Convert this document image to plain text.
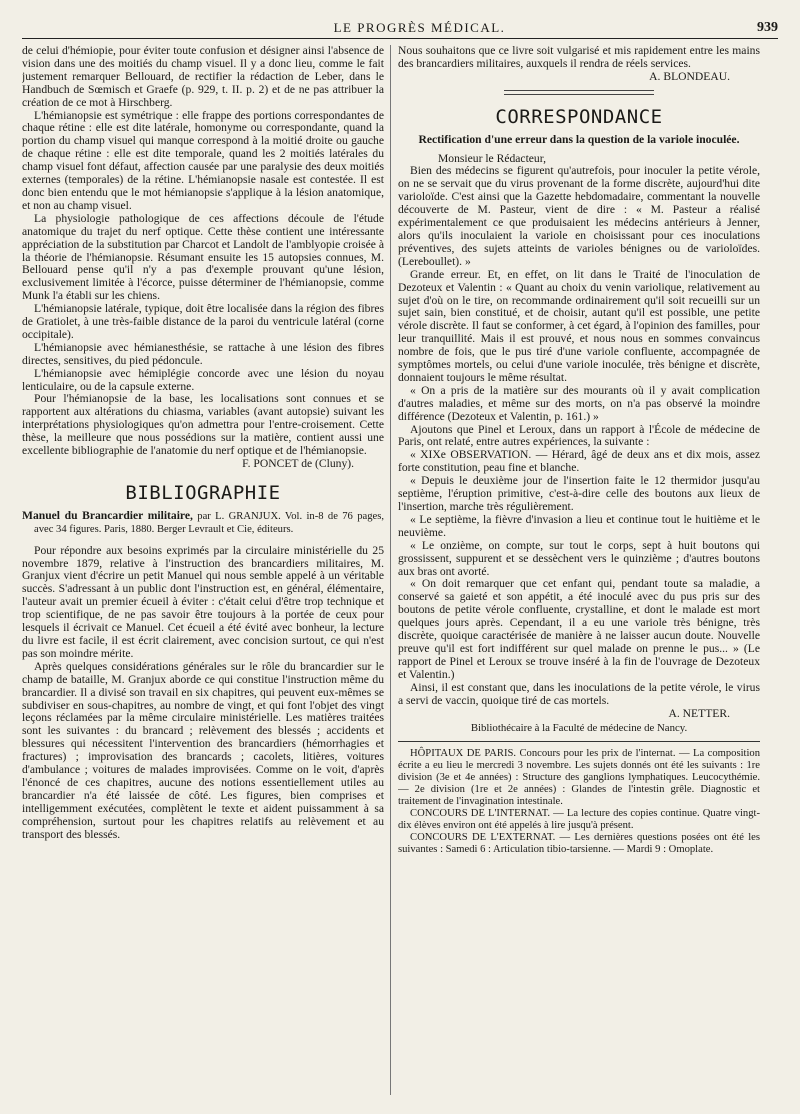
LE PROGRÈS MÉDICAL.	939

de celui d'hémiopie, pour éviter toute confusion et désigner ainsi l'absence de vision dans une des moitiés du champ visuel. Il y a donc lieu, comme le fait justement remarquer Bellouard, de rectifier la rédaction de Leber, dans le Handbuch de Sœmisch et Graefe (p. 929, t. II. p. 2) et de ne pas attribuer la création de ce mot à Hirschberg.

L'hémianopsie est symétrique : elle frappe des portions correspondantes de chaque rétine : elle est dite latérale, homonyme ou correspondante, quand la portion du champ visuel qui manque correspond à la moitié droite ou gauche de chaque rétine : elle est dite temporale, quand les 2 moitiés latérales du champ visuel font défaut, affection causée par une paralysie des deux moitiés externes (temporales) de la rétine. L'hémianopsie nasale est contestée. Il est donc bien entendu que le mot hémianopsie s'applique à la lésion anatomique, et non au champ visuel.

La physiologie pathologique de ces affections découle de l'étude anatomique du trajet du nerf optique. Cette thèse contient une intéressante appréciation de la substitution par Charcot et Landolt de l'amblyopie croisée à la théorie de l'hémianopsie. Résumant ensuite les 15 autopsies connues, M. Bellouard pense qu'il n'y a pas d'exemple prouvant qu'une lésion, exclusivement limitée à l'écorce, puisse déterminer de l'hémianopsie, comme Munk l'a établi sur les chiens.

L'hémianopsie latérale, typique, doit être localisée dans la région des fibres de Gratiolet, à une très-faible distance de la paroi du ventricule latéral (corne occipitale).

L'hémianopsie avec hémianesthésie, se rattache à une lésion des fibres directes, sensitives, du pied pédoncule.

L'hémianopsie avec hémiplégie concorde avec une lésion du noyau lenticulaire, ou de la capsule externe.

Pour l'hémianopsie de la base, les localisations sont connues et se rapportent aux altérations du chiasma, variables (avant autopsie) suivant les interprétations physiologiques qu'on admettra pour l'entre-croisement. Cette thèse, la meilleure que nous possédions sur la matière, contient aussi une excellente bibliographie de l'anatomie du nerf optique et de l'hémianopsie.

F. PONCET de (Cluny).

BIBLIOGRAPHIE

Manuel du Brancardier militaire, par L. GRANJUX. Vol. in-8 de 76 pages, avec 34 figures. Paris, 1880. Berger Levrault et Cie, éditeurs.

Pour répondre aux besoins exprimés par la circulaire ministérielle du 25 novembre 1879, relative à l'instruction des brancardiers militaires, M. Granjux vient d'écrire un petit Manuel qui nous semble appelé à un véritable succès. S'adressant à un public dont l'instruction est, en général, élémentaire, l'auteur avait un premier écueil à éviter : c'était celui d'être trop technique et trop scientifique, de ne pas savoir être toujours à la portée de ceux pour lesquels il écrivait ce Manuel. Cet écueil a été évité avec bonheur, la lecture du livre est facile, il est écrit clairement, avec concision surtout, ce qui n'est pas son moindre mérite.

Après quelques considérations générales sur le rôle du brancardier sur le champ de bataille, M. Granjux aborde ce qui constitue l'instruction même du brancardier. Il a divisé son travail en six chapitres, qui peuvent eux-mêmes se subdiviser en sous-chapitres, au nombre de vingt, et qui font l'objet des vingt leçons réclamées par la même circulaire ministérielle. Les matières traitées sont les suivantes : du brancard ; relèvement des blessés ; accidents et blessures qui nécessitent l'intervention des brancardiers (hémorrhagies et fractures) ; improvisation des brancards ; cacolets, litières, voitures d'ambulance ; voitures de malades improvisées. Comme on le voit, d'après l'énoncé de ces chapitres, aucune des notions essentiellement utiles au brancardier n'a été laissée de côté. Les figures, bien comprises et intelligemment exécutées, complètent le texte et aident puissamment à sa compréhension, surtout pour les chapitres relatifs au relèvement et au transport des blessés.

Nous souhaitons que ce livre soit vulgarisé et mis rapidement entre les mains des brancardiers militaires, auxquels il rendra de réels services.

A. BLONDEAU.

CORRESPONDANCE
Rectification d'une erreur dans la question de la variole inoculée.

Monsieur le Rédacteur,

Bien des médecins se figurent qu'autrefois, pour inoculer la petite vérole, on ne se servait que du virus provenant de la forme discrète, aujourd'hui dite varioloïde. C'est ainsi que la Gazette hebdomadaire, commentant la nouvelle découverte de M. Pasteur, vient de dire : « M. Pasteur a réalisé expérimentalement ce que produisaient les médecins antérieurs à Jenner, alors qu'ils inoculaient la variole en choisissant pour ces inoculations préventives, des sujets atteints de varioles bénignes ou de varioloïdes. (Lereboullet). »

Grande erreur. Et, en effet, on lit dans le Traité de l'inoculation de Dezoteux et Valentin : « Quant au choix du venin variolique, relativement au sujet d'où on le tire, on recommande ordinairement qu'il soit recueilli sur un sujet sain, bien constitué, et de choisir, autant qu'il est possible, une petite vérole discrète. Il faut se conformer, à cet égard, à l'opinion des familles, pour leur tranquillité. Mais il est prouvé, et nous nous en sommes convaincus nombre de fois, que le pus tiré d'une variole confluente, accompagnée de symptômes mortels, ou celui d'une variole inoculée, très bénigne et discrète, donnaient toujours le même résultat.

« On a pris de la matière sur des mourants où il y avait complication d'autres maladies, et même sur des morts, on n'a pas observé la moindre différence (Dezoteux et Valentin, p. 161.) »

Ajoutons que Pinel et Leroux, dans un rapport à l'École de médecine de Paris, ont relaté, entre autres expériences, la suivante :

« XIXe OBSERVATION. — Hérard, âgé de deux ans et dix mois, assez forte constitution, peau fine et blanche.

« Depuis le deuxième jour de l'insertion faite le 12 thermidor jusqu'au septième, l'éruption primitive, c'est-à-dire celle des boutons aux lieux de l'insertion, marche très régulièrement.

« Le septième, la fièvre d'invasion a lieu et continue tout le huitième et le neuvième.

« Le onzième, on compte, sur tout le corps, sept à huit boutons qui grossissent, suppurent et se dessèchent vers le quinzième ; d'autres boutons aux bras ont avorté.

« On doit remarquer que cet enfant qui, pendant toute sa maladie, a conservé sa gaieté et son appétit, a été inoculé avec du pus pris sur des boutons de petite vérole confluente, crystalline, et dont le malade est mort quelques jours après. Cependant, il a eu une variole très bénigne, très discrète, quoique caractérisée de manière à ne laisser aucun doute. Nouvelle preuve qu'il est fort indifférent sur quel malade on prenne le pus... » (Le rapport de Pinel et Leroux se trouve inséré à la fin de l'ouvrage de Dezoteux et Valentin.)

Ainsi, il est constant que, dans les inoculations de la petite vérole, le virus a servi de vaccin, quoique tiré de cas mortels.

A. NETTER.

Bibliothécaire à la Faculté de médecine de Nancy.

HÔPITAUX DE PARIS. Concours pour les prix de l'internat. — La composition écrite a eu lieu le mercredi 3 novembre. Les sujets donnés ont été les suivants : 1re division (3e et 4e années) : Structure des ganglions lymphatiques. Leucocythémie. — 2e division (1re et 2e années) : Glandes de l'intestin grêle. Diagnostic et traitement de l'invagination intestinale.

CONCOURS DE L'INTERNAT. — La lecture des copies continue. Quatre vingt-dix élèves environ ont été appelés à lire jusqu'à présent.

CONCOURS DE L'EXTERNAT. — Les dernières questions posées ont été les suivantes : Samedi 6 : Articulation tibio-tarsienne. — Mardi 9 : Omoplate.
